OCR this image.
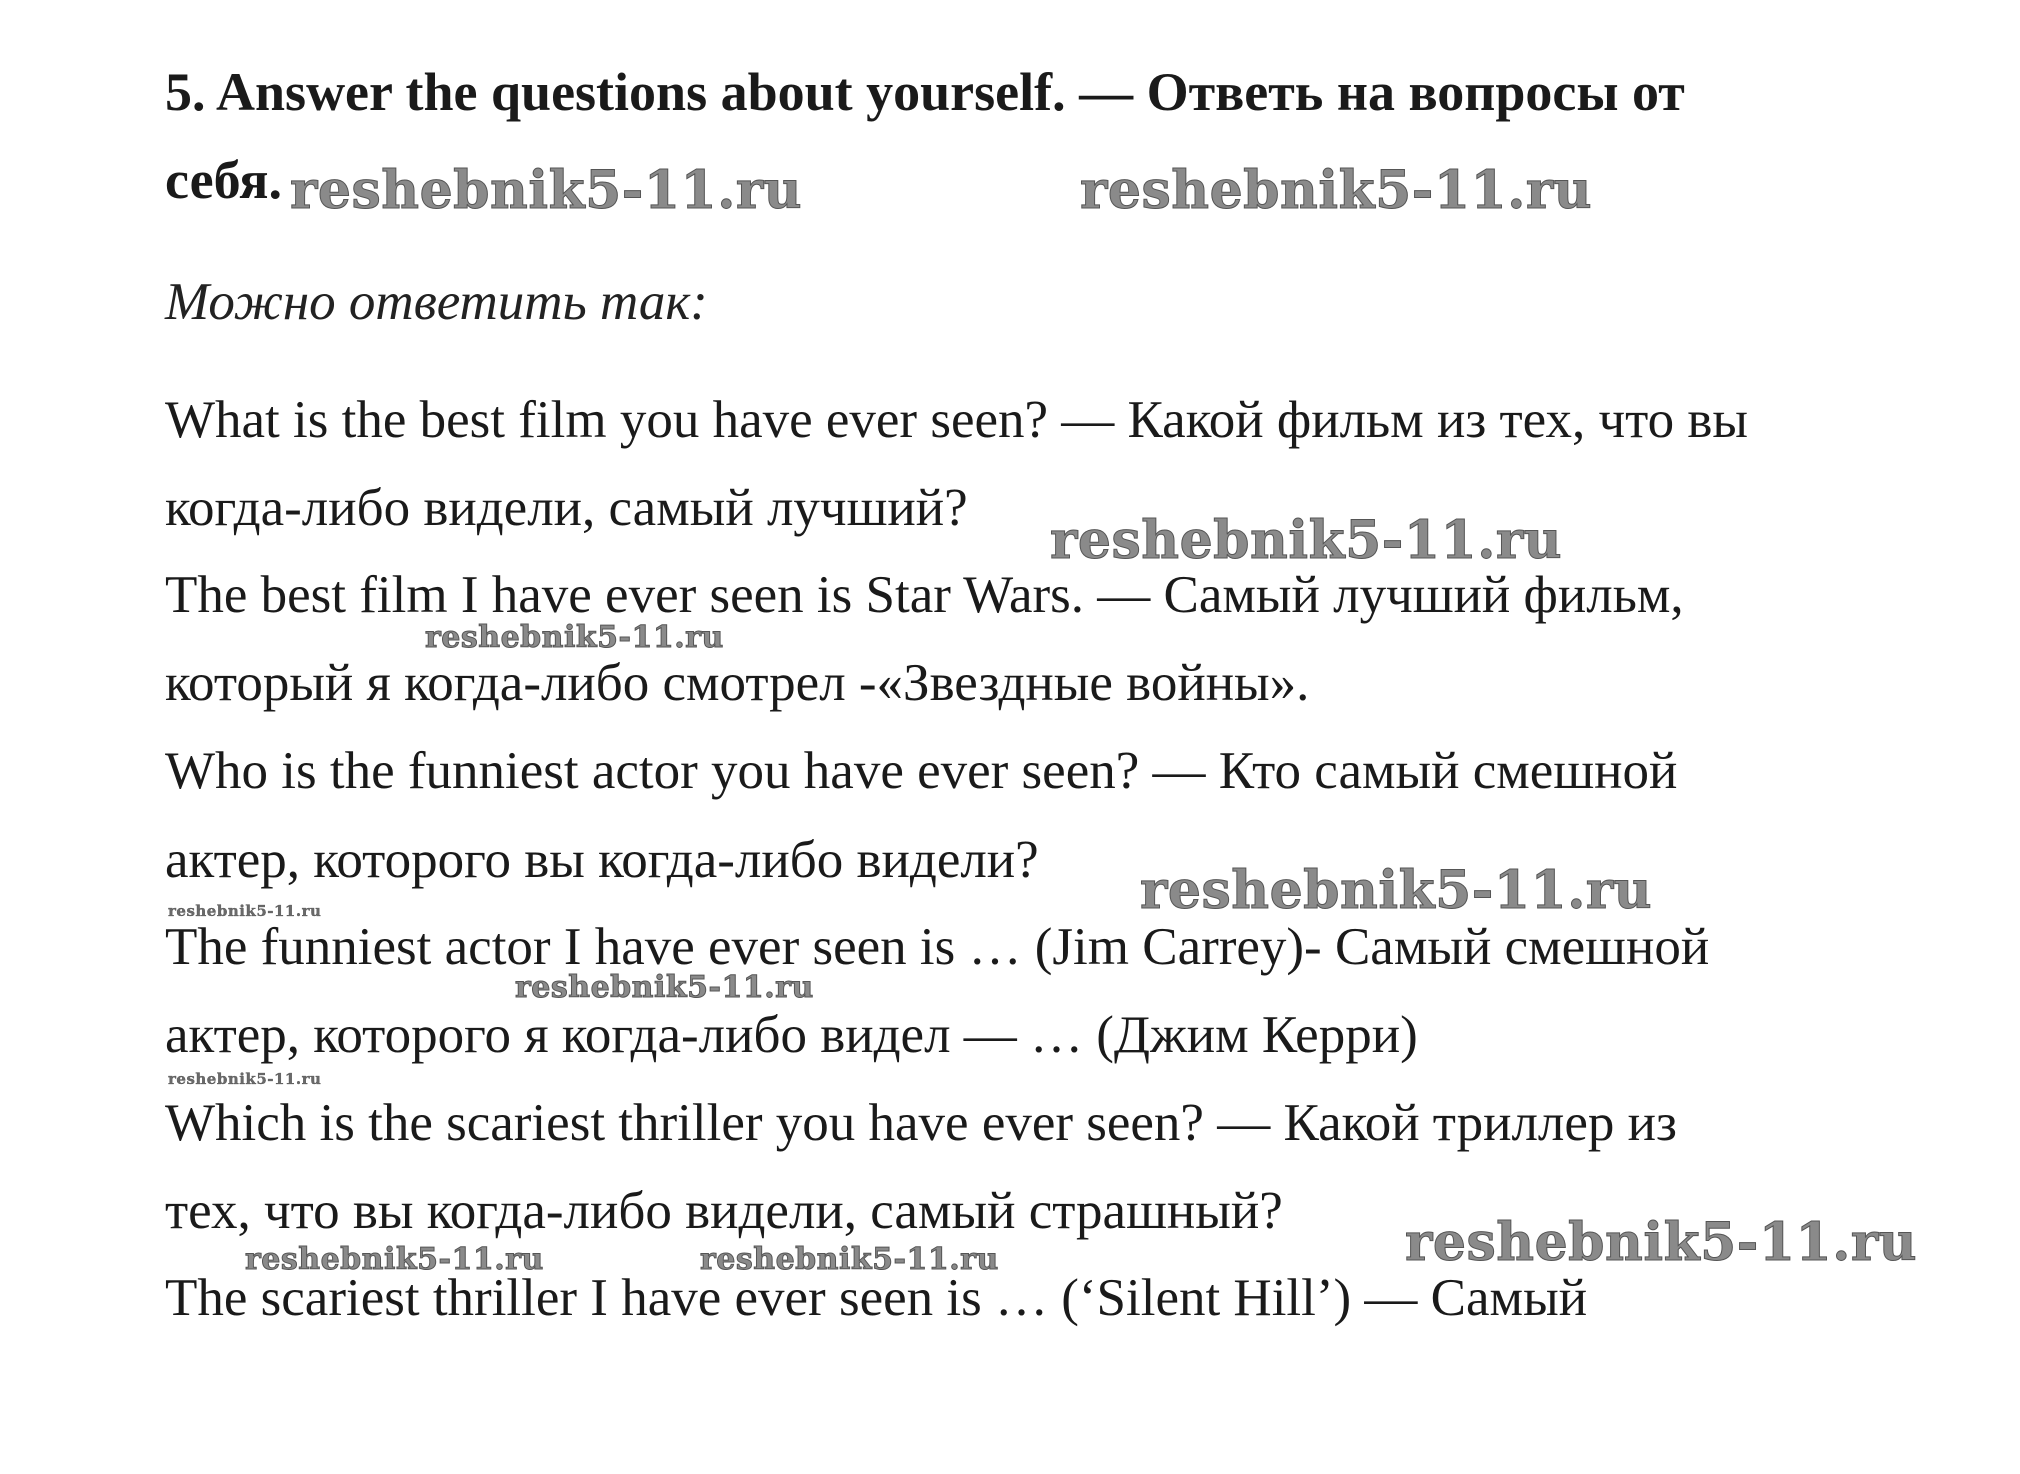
5. Answer the questions about yourself. — Ответь на вопросы от
себя.
Можно ответить так:
What is the best film you have ever seen? — Какой фильм из тех, что вы
когда-либо видели, самый лучший?
The best film I have ever seen is Star Wars. — Самый лучший фильм,
который я когда-либо смотрел -«Звездные войны».
Who is the funniest actor you have ever seen? — Кто самый смешной
актер, которого вы когда-либо видели?
The funniest actor I have ever seen is … (Jim Carrey)- Самый смешной
актер, которого я когда-либо видел — … (Джим Керри)
Which is the scariest thriller you have ever seen? — Какой триллер из
тех, что вы когда-либо видели, самый страшный?
The scariest thriller I have ever seen is … (‘Silent Hill’) — Самый
reshebnik5-11.ru	reshebnik5-11.ru
reshebnik5-11.ru
reshebnik5-11.ru
reshebnik5-11.ru
reshebnik5-11.ru
reshebnik5-11.ru
reshebnik5-11.ru
reshebnik5-11.ru
reshebnik5-11.ru	reshebnik5-11.ru
